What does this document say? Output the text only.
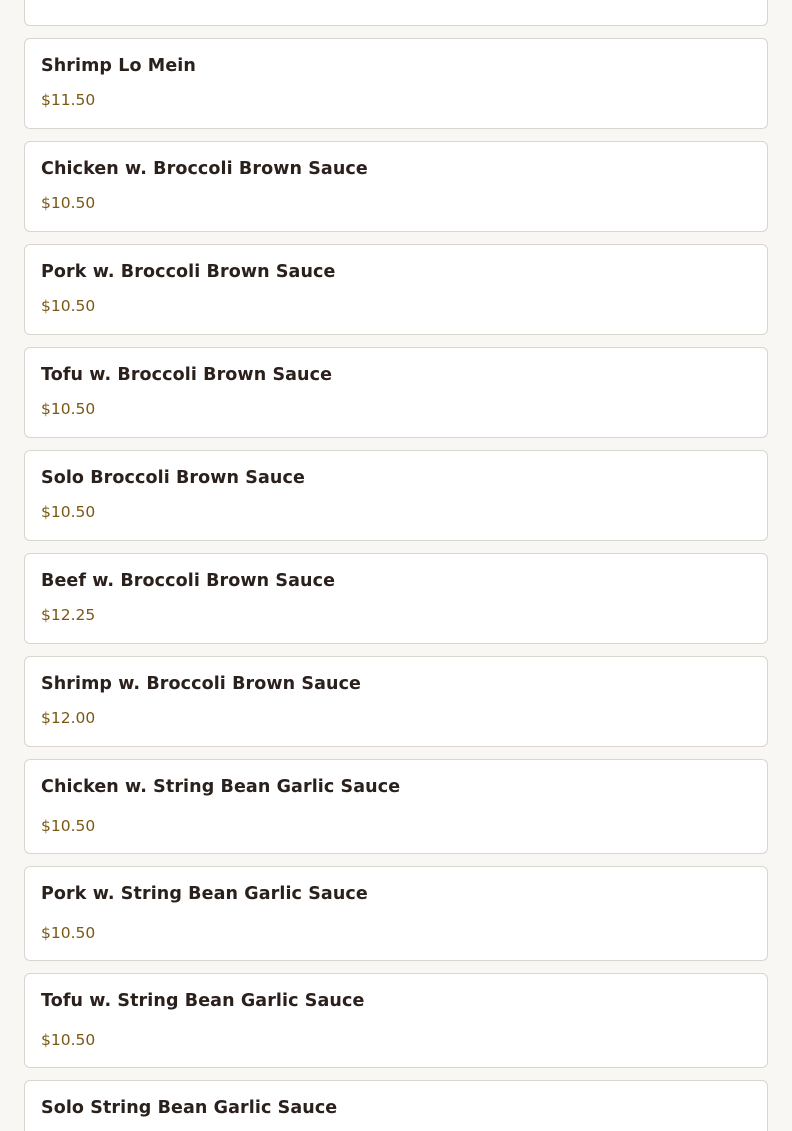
Shrimp Lo Mein
$11.50
Chicken w. Broccoli Brown Sauce
$10.50
Pork w. Broccoli Brown Sauce
$10.50
Tofu w. Broccoli Brown Sauce
$10.50
Solo Broccoli Brown Sauce
$10.50
Beef w. Broccoli Brown Sauce
$12.25
Shrimp w. Broccoli Brown Sauce
$12.00
Chicken w. String Bean Garlic Sauce
$10.50
Pork w. String Bean Garlic Sauce
$10.50
Tofu w. String Bean Garlic Sauce
$10.50
Solo String Bean Garlic Sauce
